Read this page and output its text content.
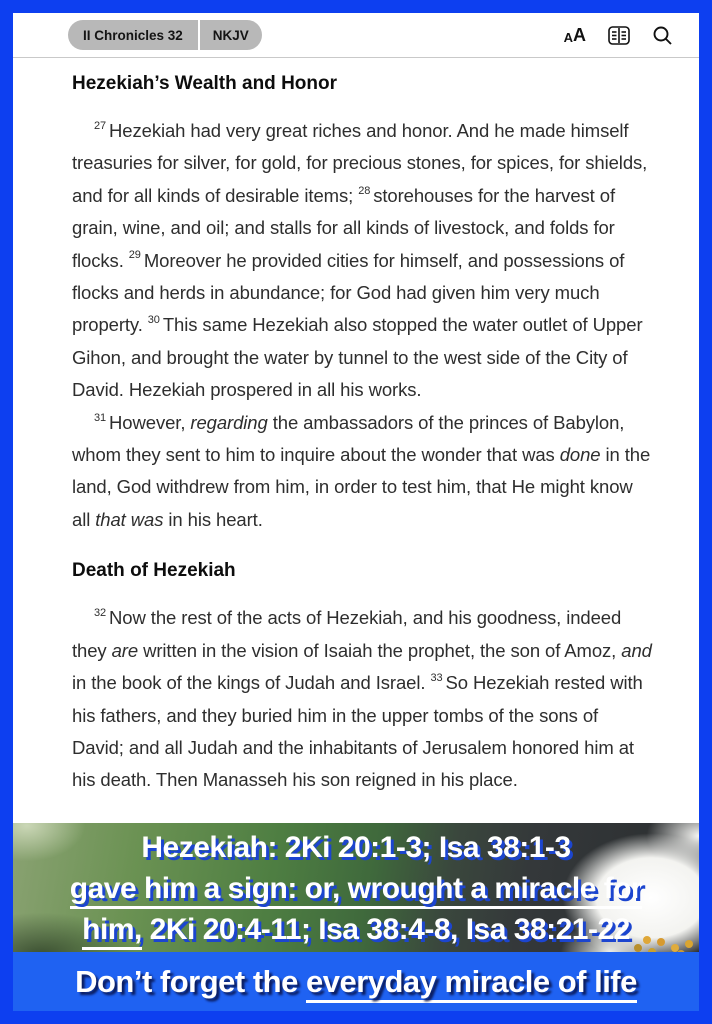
II Chronicles 32	NKJV	A A
Hezekiah’s Wealth and Honor

$^{27}$ Hezekiah had very great riches and honor. And he made himself treasuries for silver, for gold, for precious stones, for spices, for shields, and for all kinds of desirable items; $^{28}$ storehouses for the harvest of grain, wine, and oil; and stalls for all kinds of livestock, and folds for flocks. $^{29}$ Moreover he provided cities for himself, and possessions of flocks and herds in abundance; for God had given him very much property. $^{30}$ This same Hezekiah also stopped the water outlet of Upper Gihon, and brought the water by tunnel to the west side of the City of David. Hezekiah prospered in all his works.

$^{31}$ However, regarding the ambassadors of the princes of Babylon, whom they sent to him to inquire about the wonder that was done in the land, God withdrew from him, in order to test him, that He might know all that was in his heart.

Death of Hezekiah

$^{32}$ Now the rest of the acts of Hezekiah, and his goodness, indeed they are written in the vision of Isaiah the prophet, the son of Amoz, and in the book of the kings of Judah and Israel. $^{33}$ So Hezekiah rested with his fathers, and they buried him in the upper tombs of the sons of David; and all Judah and the inhabitants of Jerusalem honored him at his death. Then Manasseh his son reigned in his place.

Hezekiah: 2Ki 20:1-3; Isa 38:1-3
gave him a sign: or, wrought a miracle for
him, 2Ki 20:4-11; Isa 38:4-8, Isa 38:21-22
Don’t forget the everyday miracle of life
